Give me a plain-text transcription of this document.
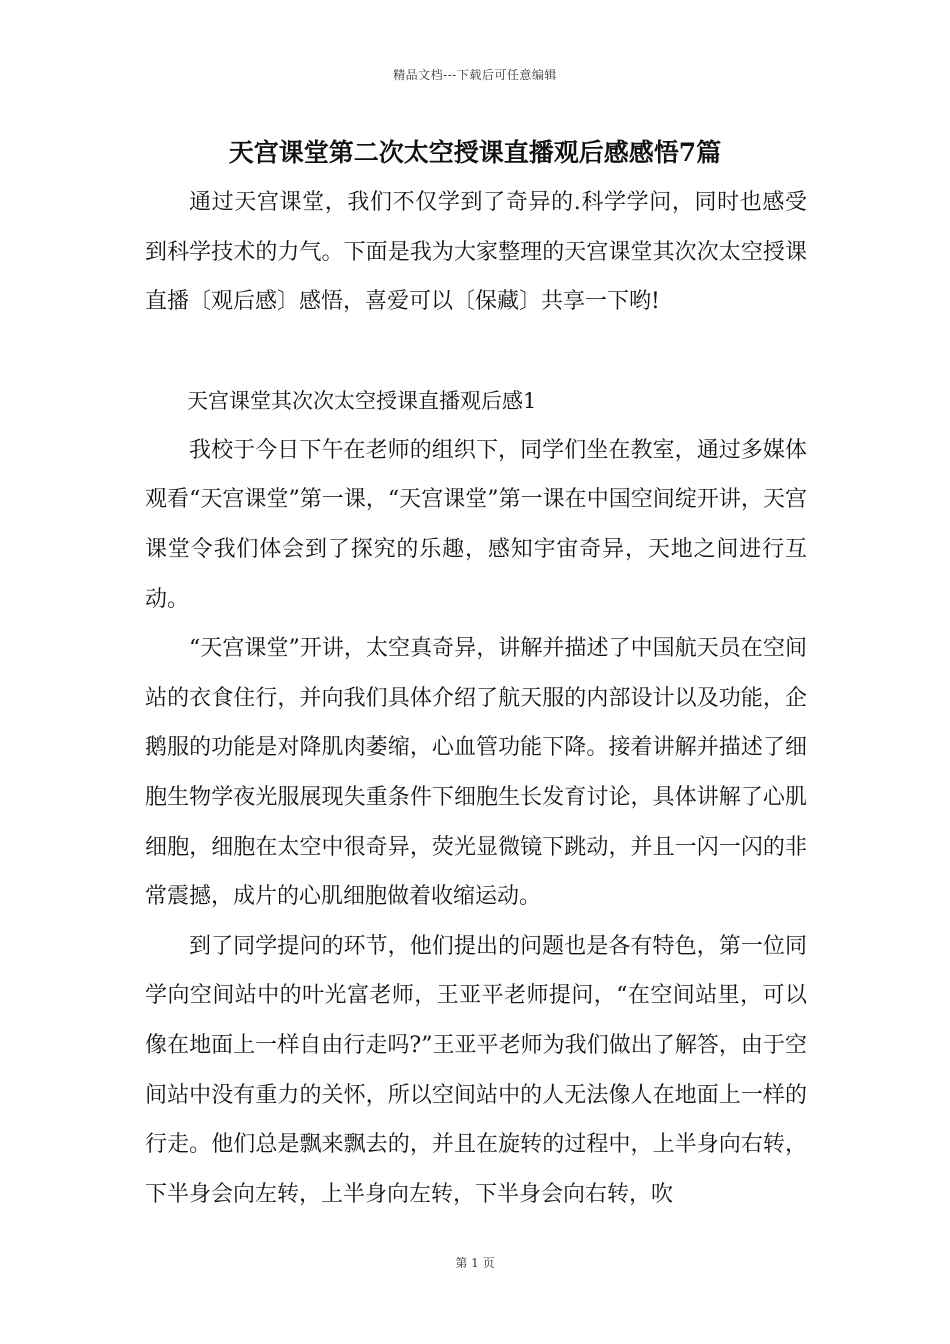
精品文档---下载后可任意编辑
天宫课堂第二次太空授课直播观后感感悟7篇

通过天宫课堂，我们不仅学到了奇异的.科学学问，同时也感受到科学技术的力气。下面是我为大家整理的天宫课堂其次次太空授课直播〔观后感〕感悟，喜爱可以〔保藏〕共享一下哟!

天宫课堂其次次太空授课直播观后感1

我校于今日下午在老师的组织下，同学们坐在教室，通过多媒体观看“天宫课堂”第一课，“天宫课堂”第一课在中国空间绽开讲，天宫课堂令我们体会到了探究的乐趣，感知宇宙奇异，天地之间进行互动。

“天宫课堂”开讲，太空真奇异，讲解并描述了中国航天员在空间站的衣食住行，并向我们具体介绍了航天服的内部设计以及功能，企鹅服的功能是对降肌肉萎缩，心血管功能下降。接着讲解并描述了细胞生物学夜光服展现失重条件下细胞生长发育讨论，具体讲解了心肌细胞，细胞在太空中很奇异，荧光显微镜下跳动，并且一闪一闪的非常震撼，成片的心肌细胞做着收缩运动。

到了同学提问的环节，他们提出的问题也是各有特色，第一位同学向空间站中的叶光富老师，王亚平老师提问，“在空间站里，可以像在地面上一样自由行走吗?”王亚平老师为我们做出了解答，由于空间站中没有重力的关怀，所以空间站中的人无法像人在地面上一样的行走。他们总是飘来飘去的，并且在旋转的过程中，上半身向右转，下半身会向左转，上半身向左转，下半身会向右转，吹

第 1 页
